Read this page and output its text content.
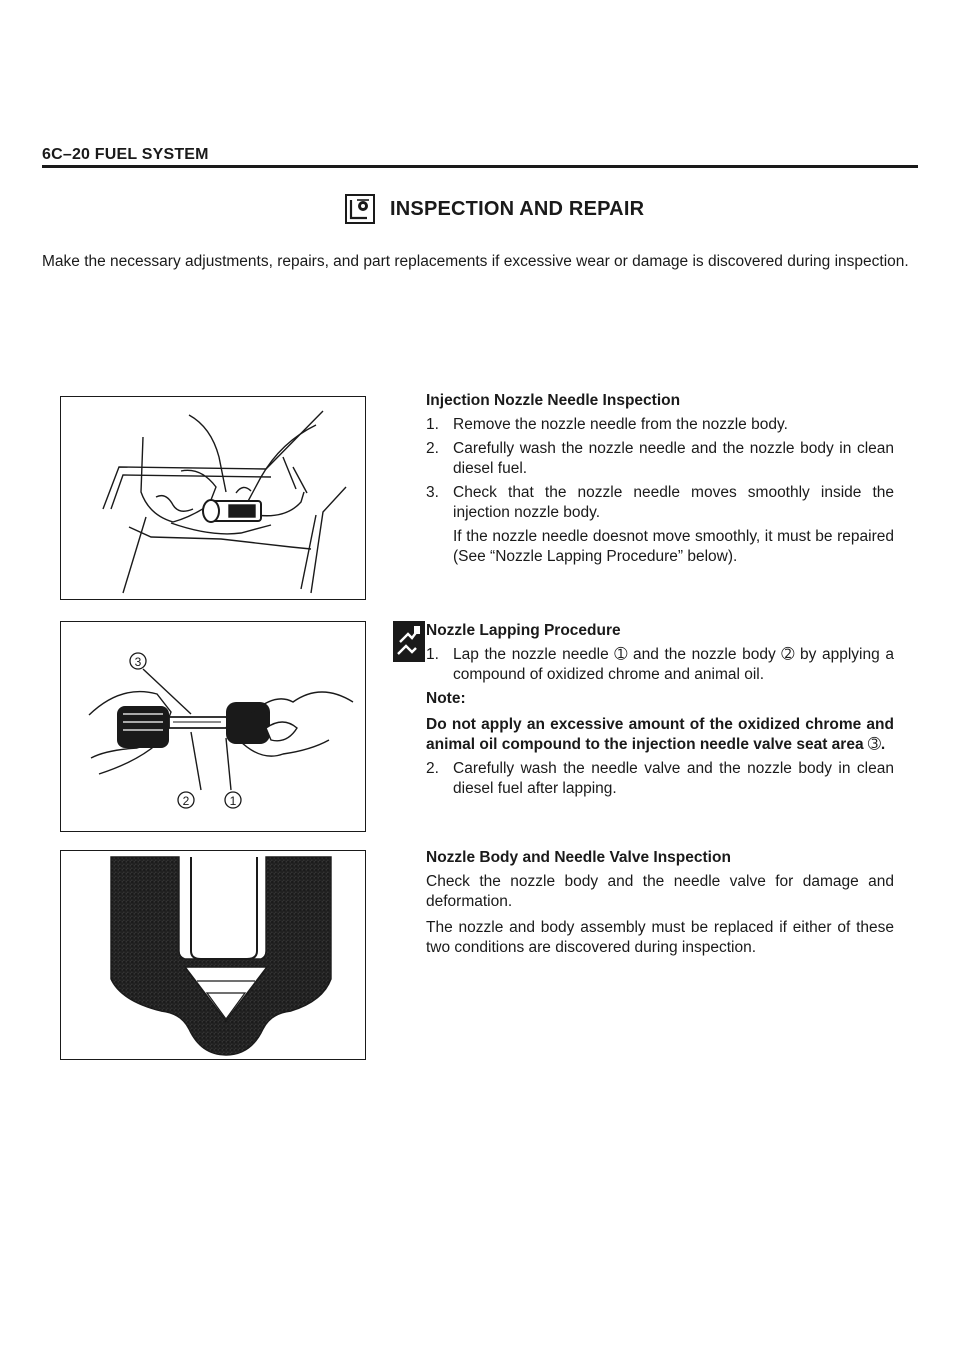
6C–20 FUEL SYSTEM
INSPECTION AND REPAIR
Make the necessary adjustments, repairs, and part replacements if excessive wear or damage is discovered during inspection.
3
2	1

Injection Nozzle Needle Inspection

1. Remove the nozzle needle from the nozzle body.
2. Carefully wash the nozzle needle and the nozzle body in clean diesel fuel.
3. Check that the nozzle needle moves smoothly inside the injection nozzle body.

If the nozzle needle doesnot move smoothly, it must be repaired (See “Nozzle Lapping Procedure” below).

Nozzle Lapping Procedure

1. Lap the nozzle needle ➀ and the nozzle body ➁ by applying a compound of oxidized chrome and animal oil.

Note:

Do not apply an excessive amount of the oxidized chrome and animal oil compound to the injection needle valve seat area ➂.

2. Carefully wash the needle valve and the nozzle body in clean diesel fuel after lapping.

Nozzle Body and Needle Valve Inspection

Check the nozzle body and the needle valve for damage and deformation.

The nozzle and body assembly must be replaced if either of these two conditions are discovered during inspection.
